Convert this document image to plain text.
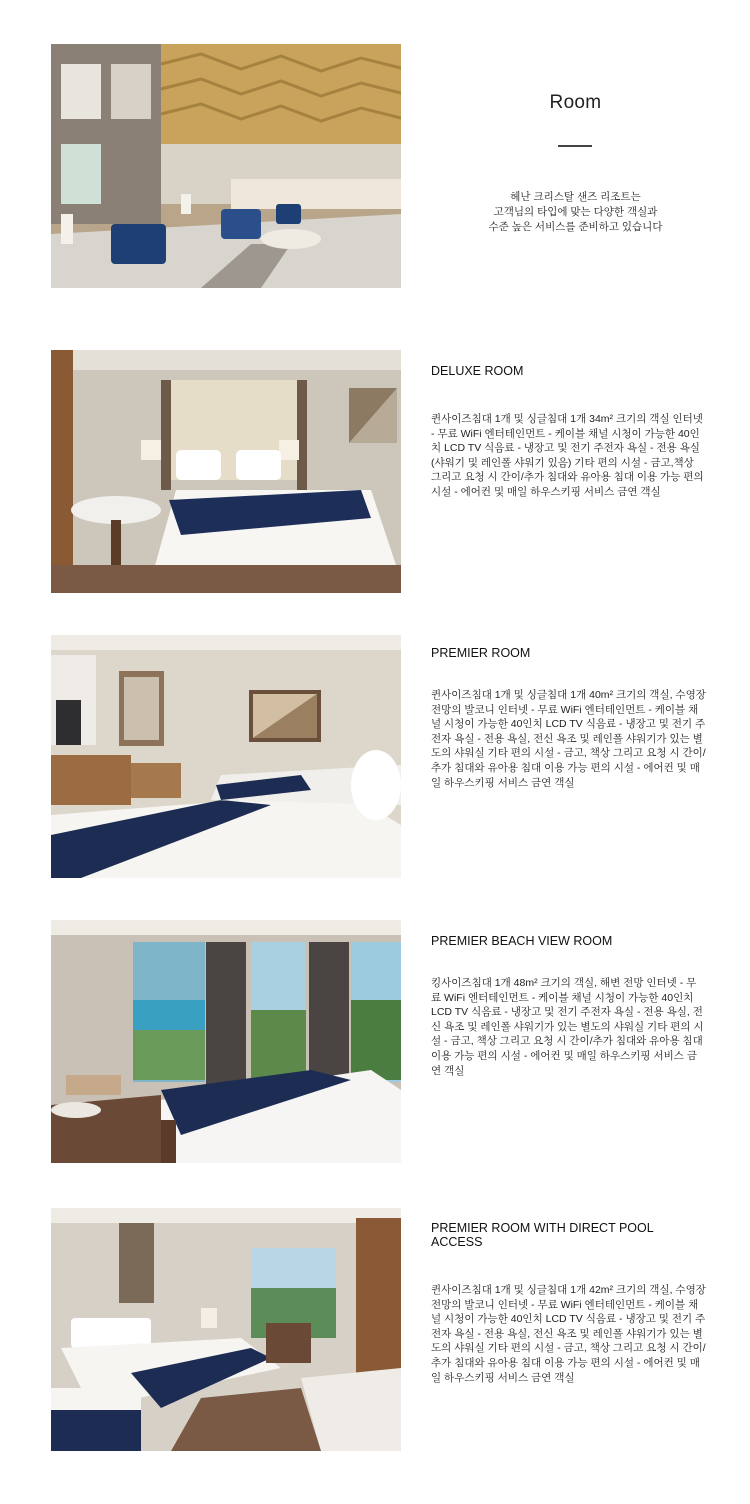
Room
헤난 크리스탈 샌즈 리조트는
고객님의 타입에 맞는 다양한 객실과
수준 높은 서비스를 준비하고 있습니다

DELUXE ROOM

퀸사이즈침대 1개 및 싱글침대 1개 34m² 크기의 객실 인터넷 - 무료 WiFi 엔터테인먼트 - 케이블 채널 시청이 가능한 40인치 LCD TV 식음료 - 냉장고 및 전기 주전자 욕실 - 전용 욕실(샤워기 및 레인폴 샤워기 있음) 기타 편의 시설 - 금고,책상 그리고 요청 시 간이/추가 침대와 유아용 침대 이용 가능 편의 시설 - 에어컨 및 매일 하우스키핑 서비스 금연 객실

PREMIER ROOM

퀸사이즈침대 1개 및 싱글침대 1개 40m² 크기의 객실, 수영장 전망의 발코니 인터넷 - 무료 WiFi 엔터테인먼트 - 케이블 채널 시청이 가능한 40인치 LCD TV 식음료 - 냉장고 및 전기 주전자 욕실 - 전용 욕실, 전신 욕조 및 레인폴 샤워기가 있는 별도의 샤워실 기타 편의 시설 - 금고, 책상 그리고 요청 시 간이/추가 침대와 유아용 침대 이용 가능 편의 시설 - 에어컨 및 매일 하우스키핑 서비스 금연 객실

PREMIER BEACH VIEW ROOM

킹사이즈침대 1개 48m² 크기의 객실, 해변 전망 인터넷 - 무료 WiFi 엔터테인먼트 - 케이블 채널 시청이 가능한 40인치 LCD TV 식음료 - 냉장고 및 전기 주전자 욕실 - 전용 욕실, 전신 욕조 및 레인폴 샤워기가 있는 별도의 샤워실 기타 편의 시설 - 금고, 책상 그리고 요청 시 간이/추가 침대와 유아용 침대 이용 가능 편의 시설 - 에어컨 및 매일 하우스키핑 서비스 금연 객실

PREMIER ROOM WITH DIRECT POOL ACCESS

퀸사이즈침대 1개 및 싱글침대 1개 42m² 크기의 객실, 수영장 전망의 발코니 인터넷 - 무료 WiFi 엔터테인먼트 - 케이블 채널 시청이 가능한 40인치 LCD TV 식음료 - 냉장고 및 전기 주전자 욕실 - 전용 욕실, 전신 욕조 및 레인폴 샤워기가 있는 별도의 샤워실 기타 편의 시설 - 금고, 책상 그리고 요청 시 간이/추가 침대와 유아용 침대 이용 가능 편의 시설 - 에어컨 및 매일 하우스키핑 서비스 금연 객실
